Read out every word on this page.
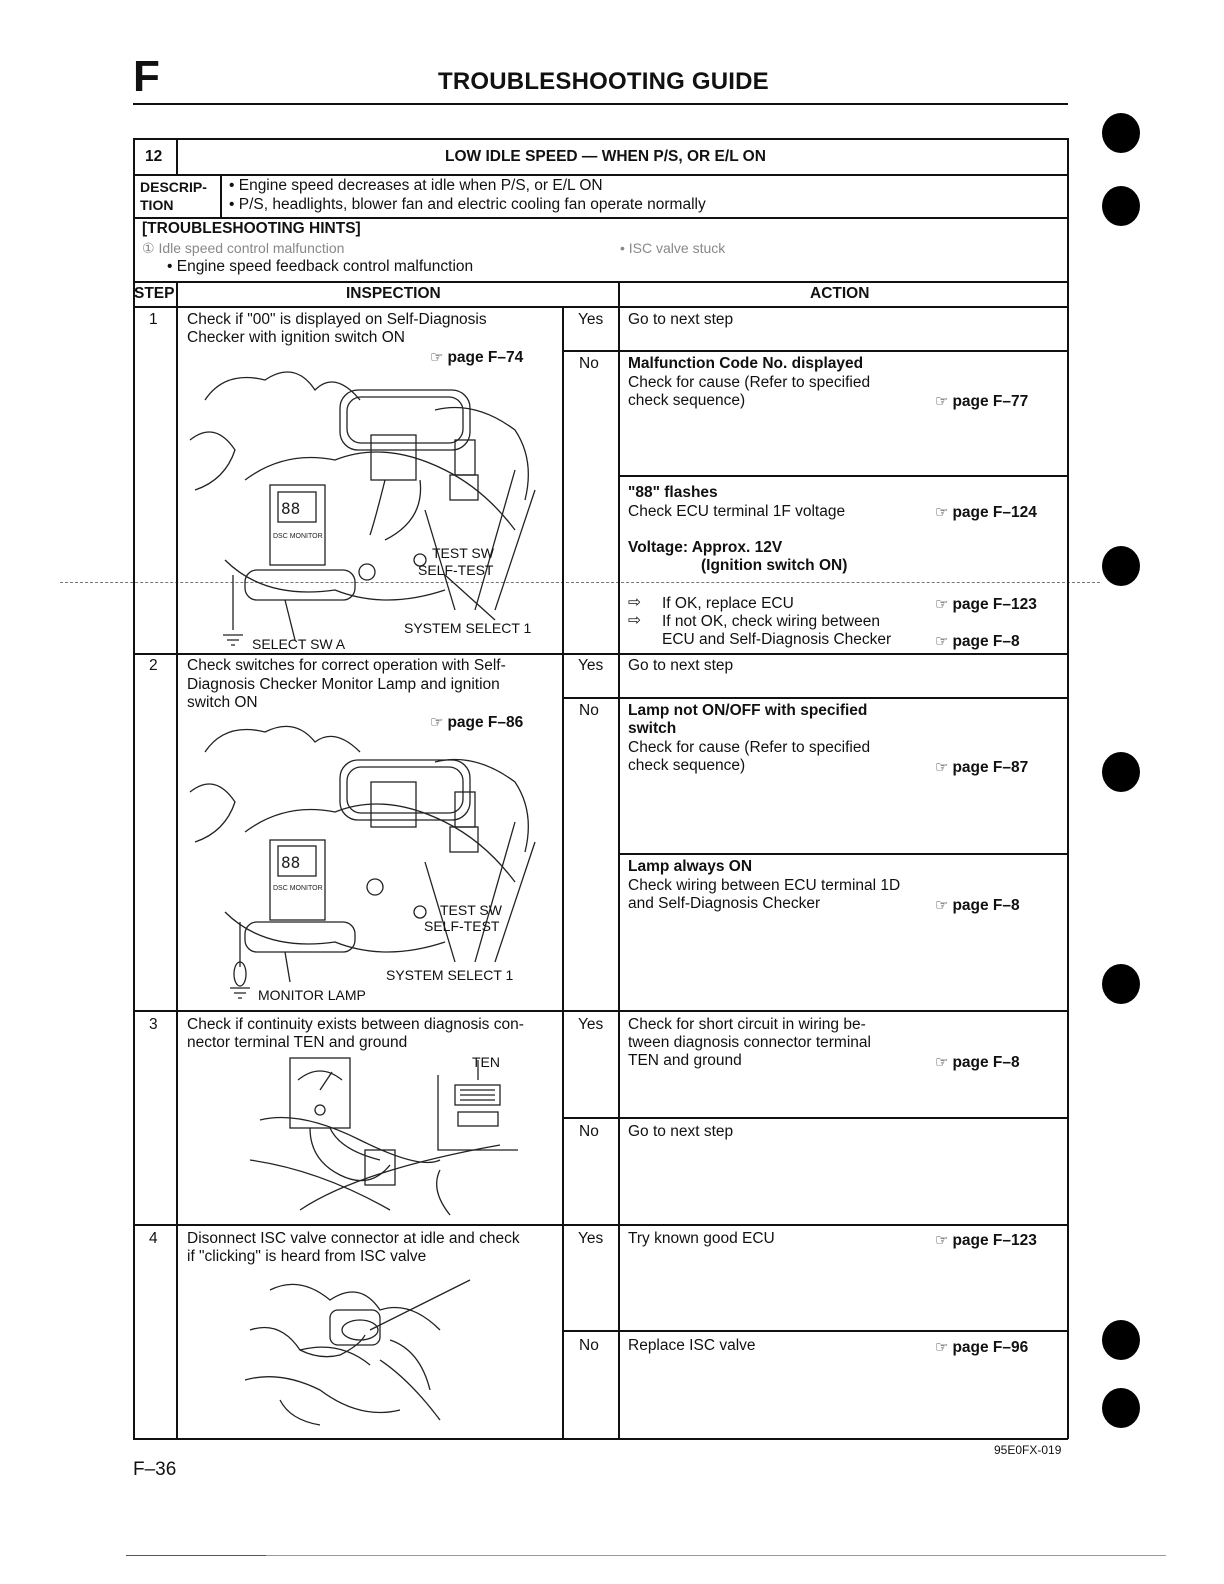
F	TROUBLESHOOTING GUIDE
12	LOW IDLE SPEED — WHEN P/S, OR E/L ON
DESCRIP-
TION
• Engine speed decreases at idle when P/S, or E/L ON
• P/S, headlights, blower fan and electric cooling fan operate normally
[TROUBLESHOOTING HINTS]
① Idle speed control malfunction	• ISC valve stuck
• Engine speed feedback control malfunction
STEP	INSPECTION	ACTION
1 Check if "00" is displayed on Self-Diagnosis
Checker with ignition switch ON
☞ page F–74
88
DSC MONITOR
TEST SW
SELF-TEST
SYSTEM SELECT 1
SELECT SW A
Yes Go to next step
No Malfunction Code No. displayed
Check for cause (Refer to specified
check sequence)	☞ page F–77
"88" flashes
Check ECU terminal 1F voltage	☞ page F–124
Voltage: Approx. 12V
(Ignition switch ON)
⇨ If OK, replace ECU	☞ page F–123
⇨ If not OK, check wiring between
ECU and Self-Diagnosis Checker	☞ page F–8
2 Check switches for correct operation with Self-
Diagnosis Checker Monitor Lamp and ignition
switch ON
☞ page F–86
88
DSC MONITOR
TEST SW
SELF-TEST
SYSTEM SELECT 1
MONITOR LAMP
Yes Go to next step
No Lamp not ON/OFF with specified
switch
Check for cause (Refer to specified
check sequence)	☞ page F–87
Lamp always ON
Check wiring between ECU terminal 1D
and Self-Diagnosis Checker	☞ page F–8
3 Check if continuity exists between diagnosis con-
nector terminal TEN and ground
TEN
Yes Check for short circuit in wiring be-
tween diagnosis connector terminal
TEN and ground	☞ page F–8
No Go to next step
4 Disonnect ISC valve connector at idle and check
if "clicking" is heard from ISC valve
Yes Try known good ECU	☞ page F–123
No Replace ISC valve	☞ page F–96
95E0FX-019
F–36
